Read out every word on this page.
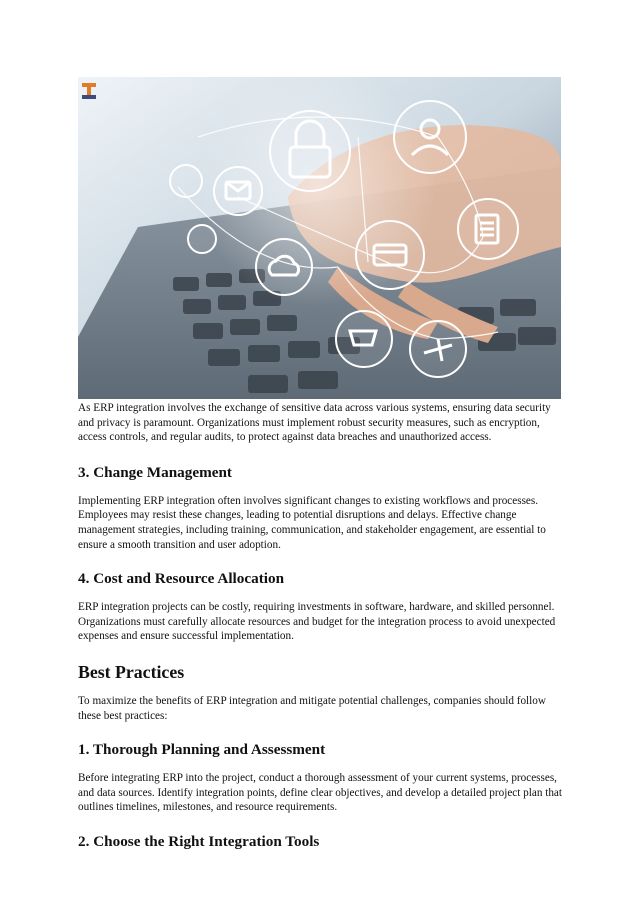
As ERP integration involves the exchange of sensitive data across various systems, ensuring data security and privacy is paramount. Organizations must implement robust security measures, such as encryption, access controls, and regular audits, to protect against data breaches and unauthorized access.

3. Change Management

Implementing ERP integration often involves significant changes to existing workflows and processes. Employees may resist these changes, leading to potential disruptions and delays. Effective change management strategies, including training, communication, and stakeholder engagement, are essential to ensure a smooth transition and user adoption.

4. Cost and Resource Allocation

ERP integration projects can be costly, requiring investments in software, hardware, and skilled personnel. Organizations must carefully allocate resources and budget for the integration process to avoid unexpected expenses and ensure successful implementation.

Best Practices

To maximize the benefits of ERP integration and mitigate potential challenges, companies should follow these best practices:

1. Thorough Planning and Assessment

Before integrating ERP into the project, conduct a thorough assessment of your current systems, processes, and data sources. Identify integration points, define clear objectives, and develop a detailed project plan that outlines timelines, milestones, and resource requirements.

2. Choose the Right Integration Tools
